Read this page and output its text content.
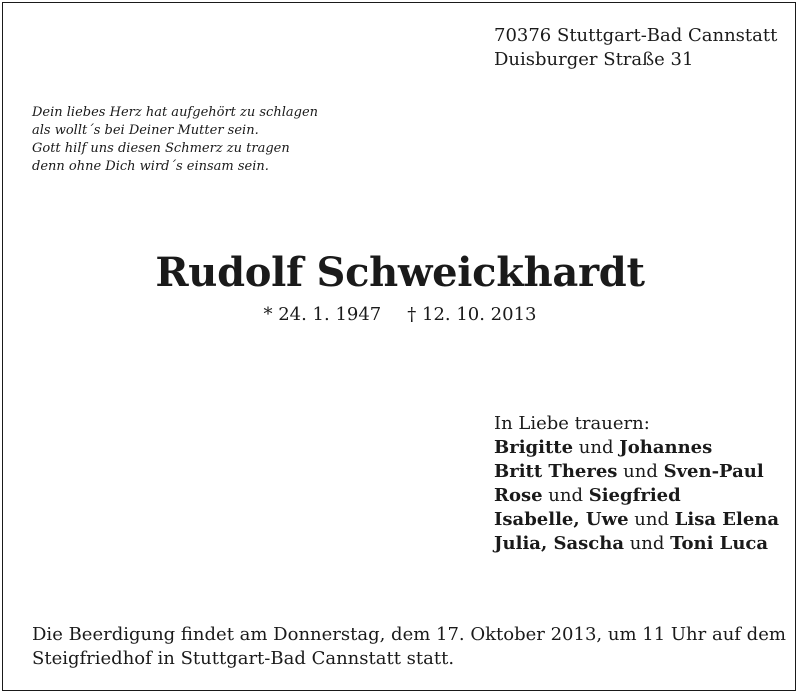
70376 Stuttgart-Bad Cannstatt
Duisburger Straße 31
Dein liebes Herz hat aufgehört zu schlagen
als wollt´s bei Deiner Mutter sein.
Gott hilf uns diesen Schmerz zu tragen
denn ohne Dich wird´s einsam sein.
Rudolf Schweickhardt
* 24. 1. 1947 † 12. 10. 2013
In Liebe trauern:
Brigitte und Johannes
Britt Theres und Sven-Paul
Rose und Siegfried
Isabelle, Uwe und Lisa Elena
Julia, Sascha und Toni Luca
Die Beerdigung findet am Donnerstag, dem 17. Oktober 2013, um 11 Uhr auf dem
Steigfriedhof in Stuttgart-Bad Cannstatt statt.
